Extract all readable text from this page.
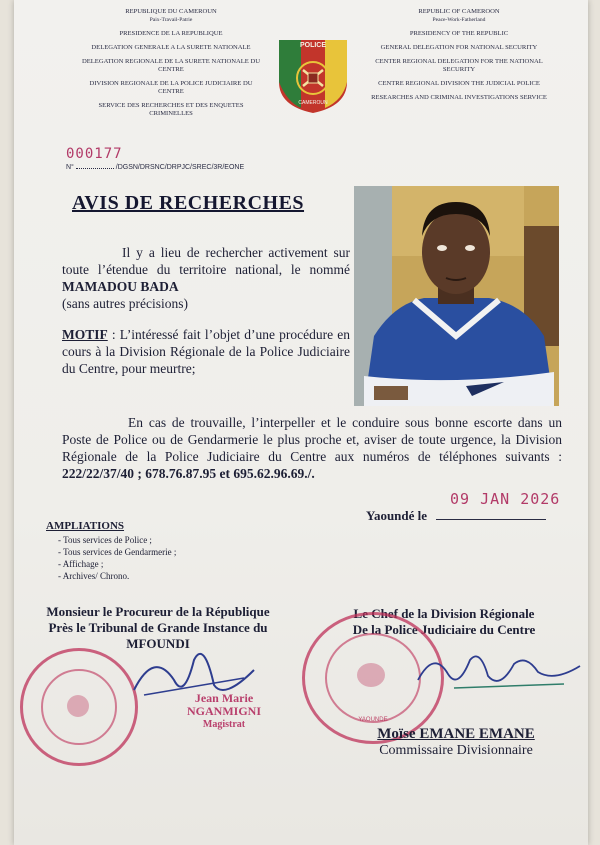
REPUBLIQUE DU CAMEROUN
Paix-Travail-Patrie
PRESIDENCE DE LA REPUBLIQUE
DELEGATION GENERALE A LA SURETE NATIONALE
DELEGATION REGIONALE DE LA SURETE NATIONALE DU CENTRE
DIVISION REGIONALE DE LA POLICE JUDICIAIRE DU CENTRE
SERVICE DES RECHERCHES ET DES ENQUETES CRIMINELLES
POLICE
CAMEROUN
REPUBLIC OF CAMEROON
Peace-Work-Fatherland
PRESIDENCY OF THE REPUBLIC
GENERAL DELEGATION FOR NATIONAL SECURITY
CENTER REGIONAL DELEGATION FOR THE NATIONAL SECURITY
CENTRE REGIONAL DIVISION THE JUDICIAL POLICE
RESEARCHES AND CRIMINAL INVESTIGATIONS SERVICE
000177
N°	/DGSN/DRSNC/DRPJC/SREC/3R/EONE
AVIS DE RECHERCHES
Il y a lieu de rechercher activement sur toute l’étendue du territoire national, le nommé MAMADOU BADA
(sans autres précisions)
MOTIF : L’intéressé fait l’objet d’une procédure en cours à la Division Régionale de la Police Judiciaire du Centre, pour meurtre;
En cas de trouvaille, l’interpeller et le conduire sous bonne escorte dans un Poste de Police ou de Gendarmerie le plus proche et, aviser de toute urgence, la Division Régionale de la Police Judiciaire du Centre aux numéros de téléphones suivants : 222/22/37/40 ; 678.76.87.95 et 695.62.96.69./.
09 JAN 2026
Yaoundé le
AMPLIATIONS
- Tous services de Police ;
- Tous services de Gendarmerie ;
- Affichage ;
- Archives/ Chrono.
Monsieur le Procureur de la République
Près le Tribunal de Grande Instance du
MFOUNDI
Jean Marie
NGANMIGNI
Magistrat
Le Chef de la Division Régionale
De la Police Judiciaire du Centre
YAOUNDE
Moïse EMANE EMANE
Commissaire Divisionnaire
